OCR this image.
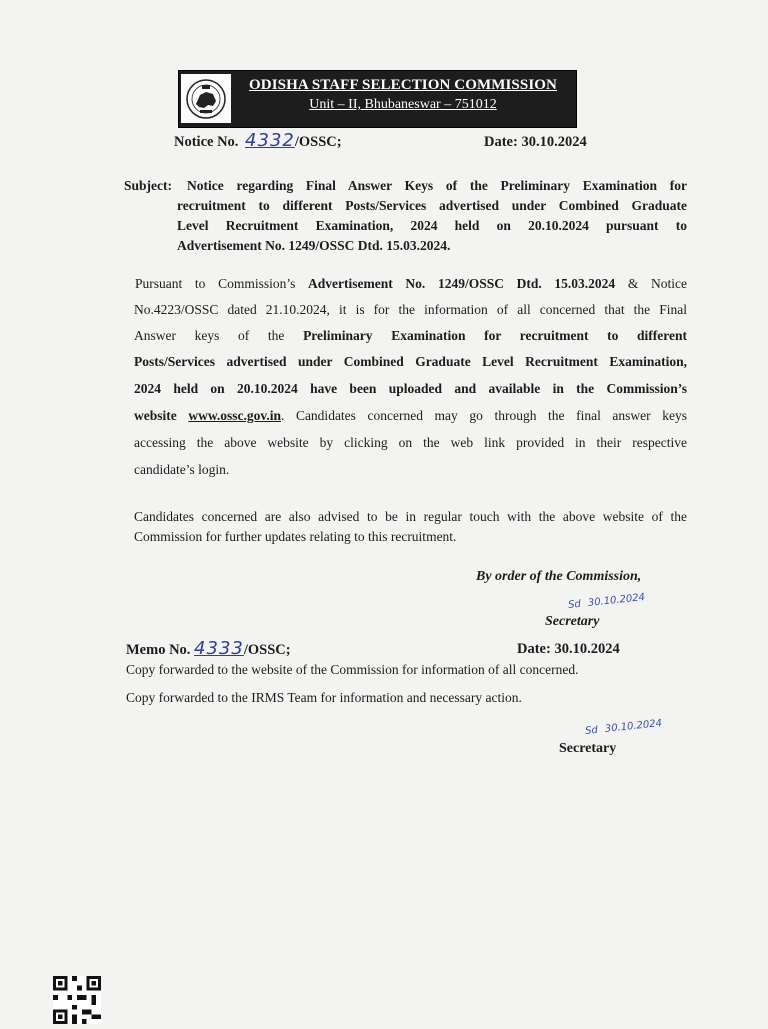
ODISHA STAFF SELECTION COMMISSION
Unit – II, Bhubaneswar – 751012
Notice No. 4332/OSSC;	Date: 30.10.2024
Subject: Notice regarding Final Answer Keys of the Preliminary Examination for
recruitment to different Posts/Services advertised under Combined Graduate
Level Recruitment Examination, 2024 held on 20.10.2024 pursuant to
Advertisement No. 1249/OSSC Dtd. 15.03.2024.
Pursuant to Commission’s Advertisement No. 1249/OSSC Dtd. 15.03.2024 & Notice
No.4223/OSSC dated 21.10.2024, it is for the information of all concerned that the Final
Answer keys of the Preliminary Examination for recruitment to different
Posts/Services advertised under Combined Graduate Level Recruitment Examination,
2024 held on 20.10.2024 have been uploaded and available in the Commission’s
website www.ossc.gov.in. Candidates concerned may go through the final answer keys
accessing the above website by clicking on the web link provided in their respective
candidate’s login.
Candidates concerned are also advised to be in regular touch with the above website of the
Commission for further updates relating to this recruitment.
By order of the Commission,
Sd 30.10.2024
Secretary
Memo No. 4333/OSSC;	Date: 30.10.2024
Copy forwarded to the website of the Commission for information of all concerned.
Copy forwarded to the IRMS Team for information and necessary action.
Sd 30.10.2024
Secretary
